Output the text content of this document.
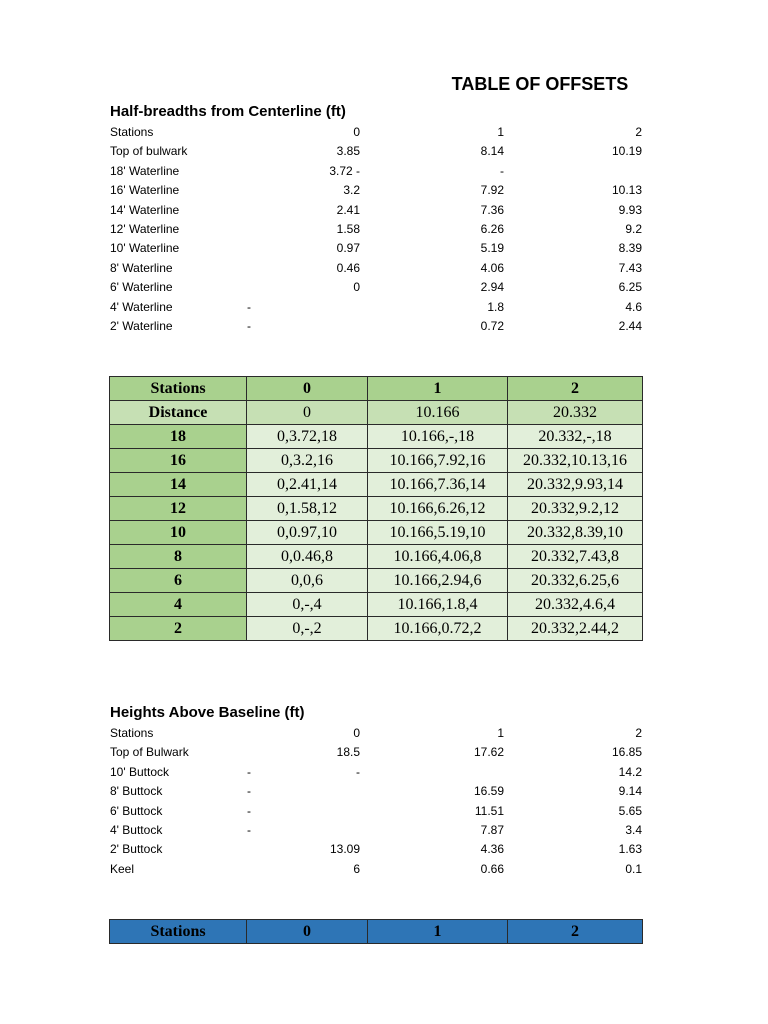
TABLE OF OFFSETS
Half-breadths from Centerline (ft)
Stations	0	1	2
Top of bulwark	3.85	8.14	10.19
18' Waterline	3.72 -	-
16' Waterline	3.2	7.92	10.13
14' Waterline	2.41	7.36	9.93
12' Waterline	1.58	6.26	9.2
10' Waterline	0.97	5.19	8.39
8' Waterline	0.46	4.06	7.43
6' Waterline	0	2.94	6.25
4' Waterline	-	1.8	4.6
2' Waterline	-	0.72	2.44
Stations	0	1	2
Distance	0	10.166	20.332
18	0,3.72,18	10.166,-,18	20.332,-,18
16	0,3.2,16	10.166,7.92,16	20.332,10.13,16
14	0,2.41,14	10.166,7.36,14	20.332,9.93,14
12	0,1.58,12	10.166,6.26,12	20.332,9.2,12
10	0,0.97,10	10.166,5.19,10	20.332,8.39,10
8	0,0.46,8	10.166,4.06,8	20.332,7.43,8
6	0,0,6	10.166,2.94,6	20.332,6.25,6
4	0,-,4	10.166,1.8,4	20.332,4.6,4
2	0,-,2	10.166,0.72,2	20.332,2.44,2
Heights Above Baseline (ft)
Stations	0	1	2
Top of Bulwark	18.5	17.62	16.85
10' Buttock	-	-	14.2
8' Buttock	-	16.59	9.14
6' Buttock	-	11.51	5.65
4' Buttock	-	7.87	3.4
2' Buttock	13.09	4.36	1.63
Keel	6	0.66	0.1
Stations	0	1	2
